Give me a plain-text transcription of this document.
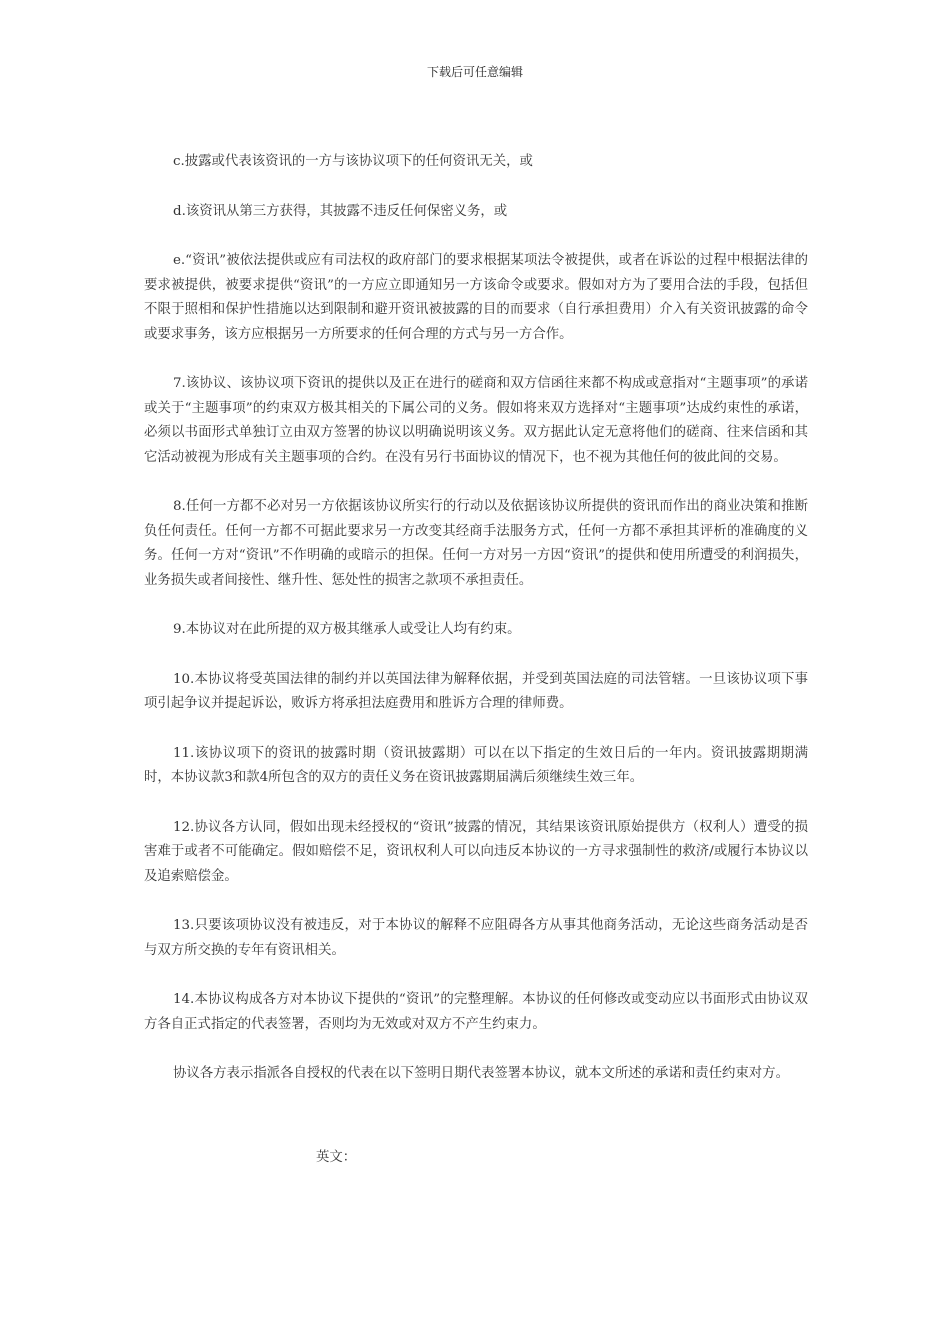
下载后可任意编辑

c.披露或代表该资讯的一方与该协议项下的任何资讯无关，或

d.该资讯从第三方获得，其披露不违反任何保密义务，或

e.“资讯”被依法提供或应有司法权的政府部门的要求根据某项法令被提供，或者在诉讼的过程中根据法律的要求被提供，被要求提供“资讯”的一方应立即通知另一方该命令或要求。假如对方为了要用合法的手段，包括但不限于照相和保护性措施以达到限制和避开资讯被披露的目的而要求（自行承担费用）介入有关资讯披露的命令或要求事务，该方应根据另一方所要求的任何合理的方式与另一方合作。

7.该协议、该协议项下资讯的提供以及正在进行的磋商和双方信函往来都不构成或意指对“主题事项”的承诺或关于“主题事项”的约束双方极其相关的下属公司的义务。假如将来双方选择对“主题事项”达成约束性的承诺，必须以书面形式单独订立由双方签署的协议以明确说明该义务。双方据此认定无意将他们的磋商、往来信函和其它活动被视为形成有关主题事项的合约。在没有另行书面协议的情况下，也不视为其他任何的彼此间的交易。

8.任何一方都不必对另一方依据该协议所实行的行动以及依据该协议所提供的资讯而作出的商业决策和推断负任何责任。任何一方都不可据此要求另一方改变其经商手法服务方式，任何一方都不承担其评析的准确度的义务。任何一方对“资讯”不作明确的或暗示的担保。任何一方对另一方因“资讯”的提供和使用所遭受的利润损失，业务损失或者间接性、继升性、惩处性的损害之款项不承担责任。

9.本协议对在此所提的双方极其继承人或受让人均有约束。

10.本协议将受英国法律的制约并以英国法律为解释依据，并受到英国法庭的司法管辖。一旦该协议项下事项引起争议并提起诉讼，败诉方将承担法庭费用和胜诉方合理的律师费。

11.该协议项下的资讯的披露时期（资讯披露期）可以在以下指定的生效日后的一年内。资讯披露期期满时，本协议款3和款4所包含的双方的责任义务在资讯披露期届满后须继续生效三年。

12.协议各方认同，假如出现未经授权的“资讯”披露的情况，其结果该资讯原始提供方（权利人）遭受的损害难于或者不可能确定。假如赔偿不足，资讯权利人可以向违反本协议的一方寻求强制性的救济/或履行本协议以及追索赔偿金。

13.只要该项协议没有被违反，对于本协议的解释不应阻碍各方从事其他商务活动，无论这些商务活动是否与双方所交换的专年有资讯相关。

14.本协议构成各方对本协议下提供的“资讯”的完整理解。本协议的任何修改或变动应以书面形式由协议双方各自正式指定的代表签署，否则均为无效或对双方不产生约束力。

协议各方表示指派各自授权的代表在以下签明日期代表签署本协议，就本文所述的承诺和责任约束对方。

英文：
